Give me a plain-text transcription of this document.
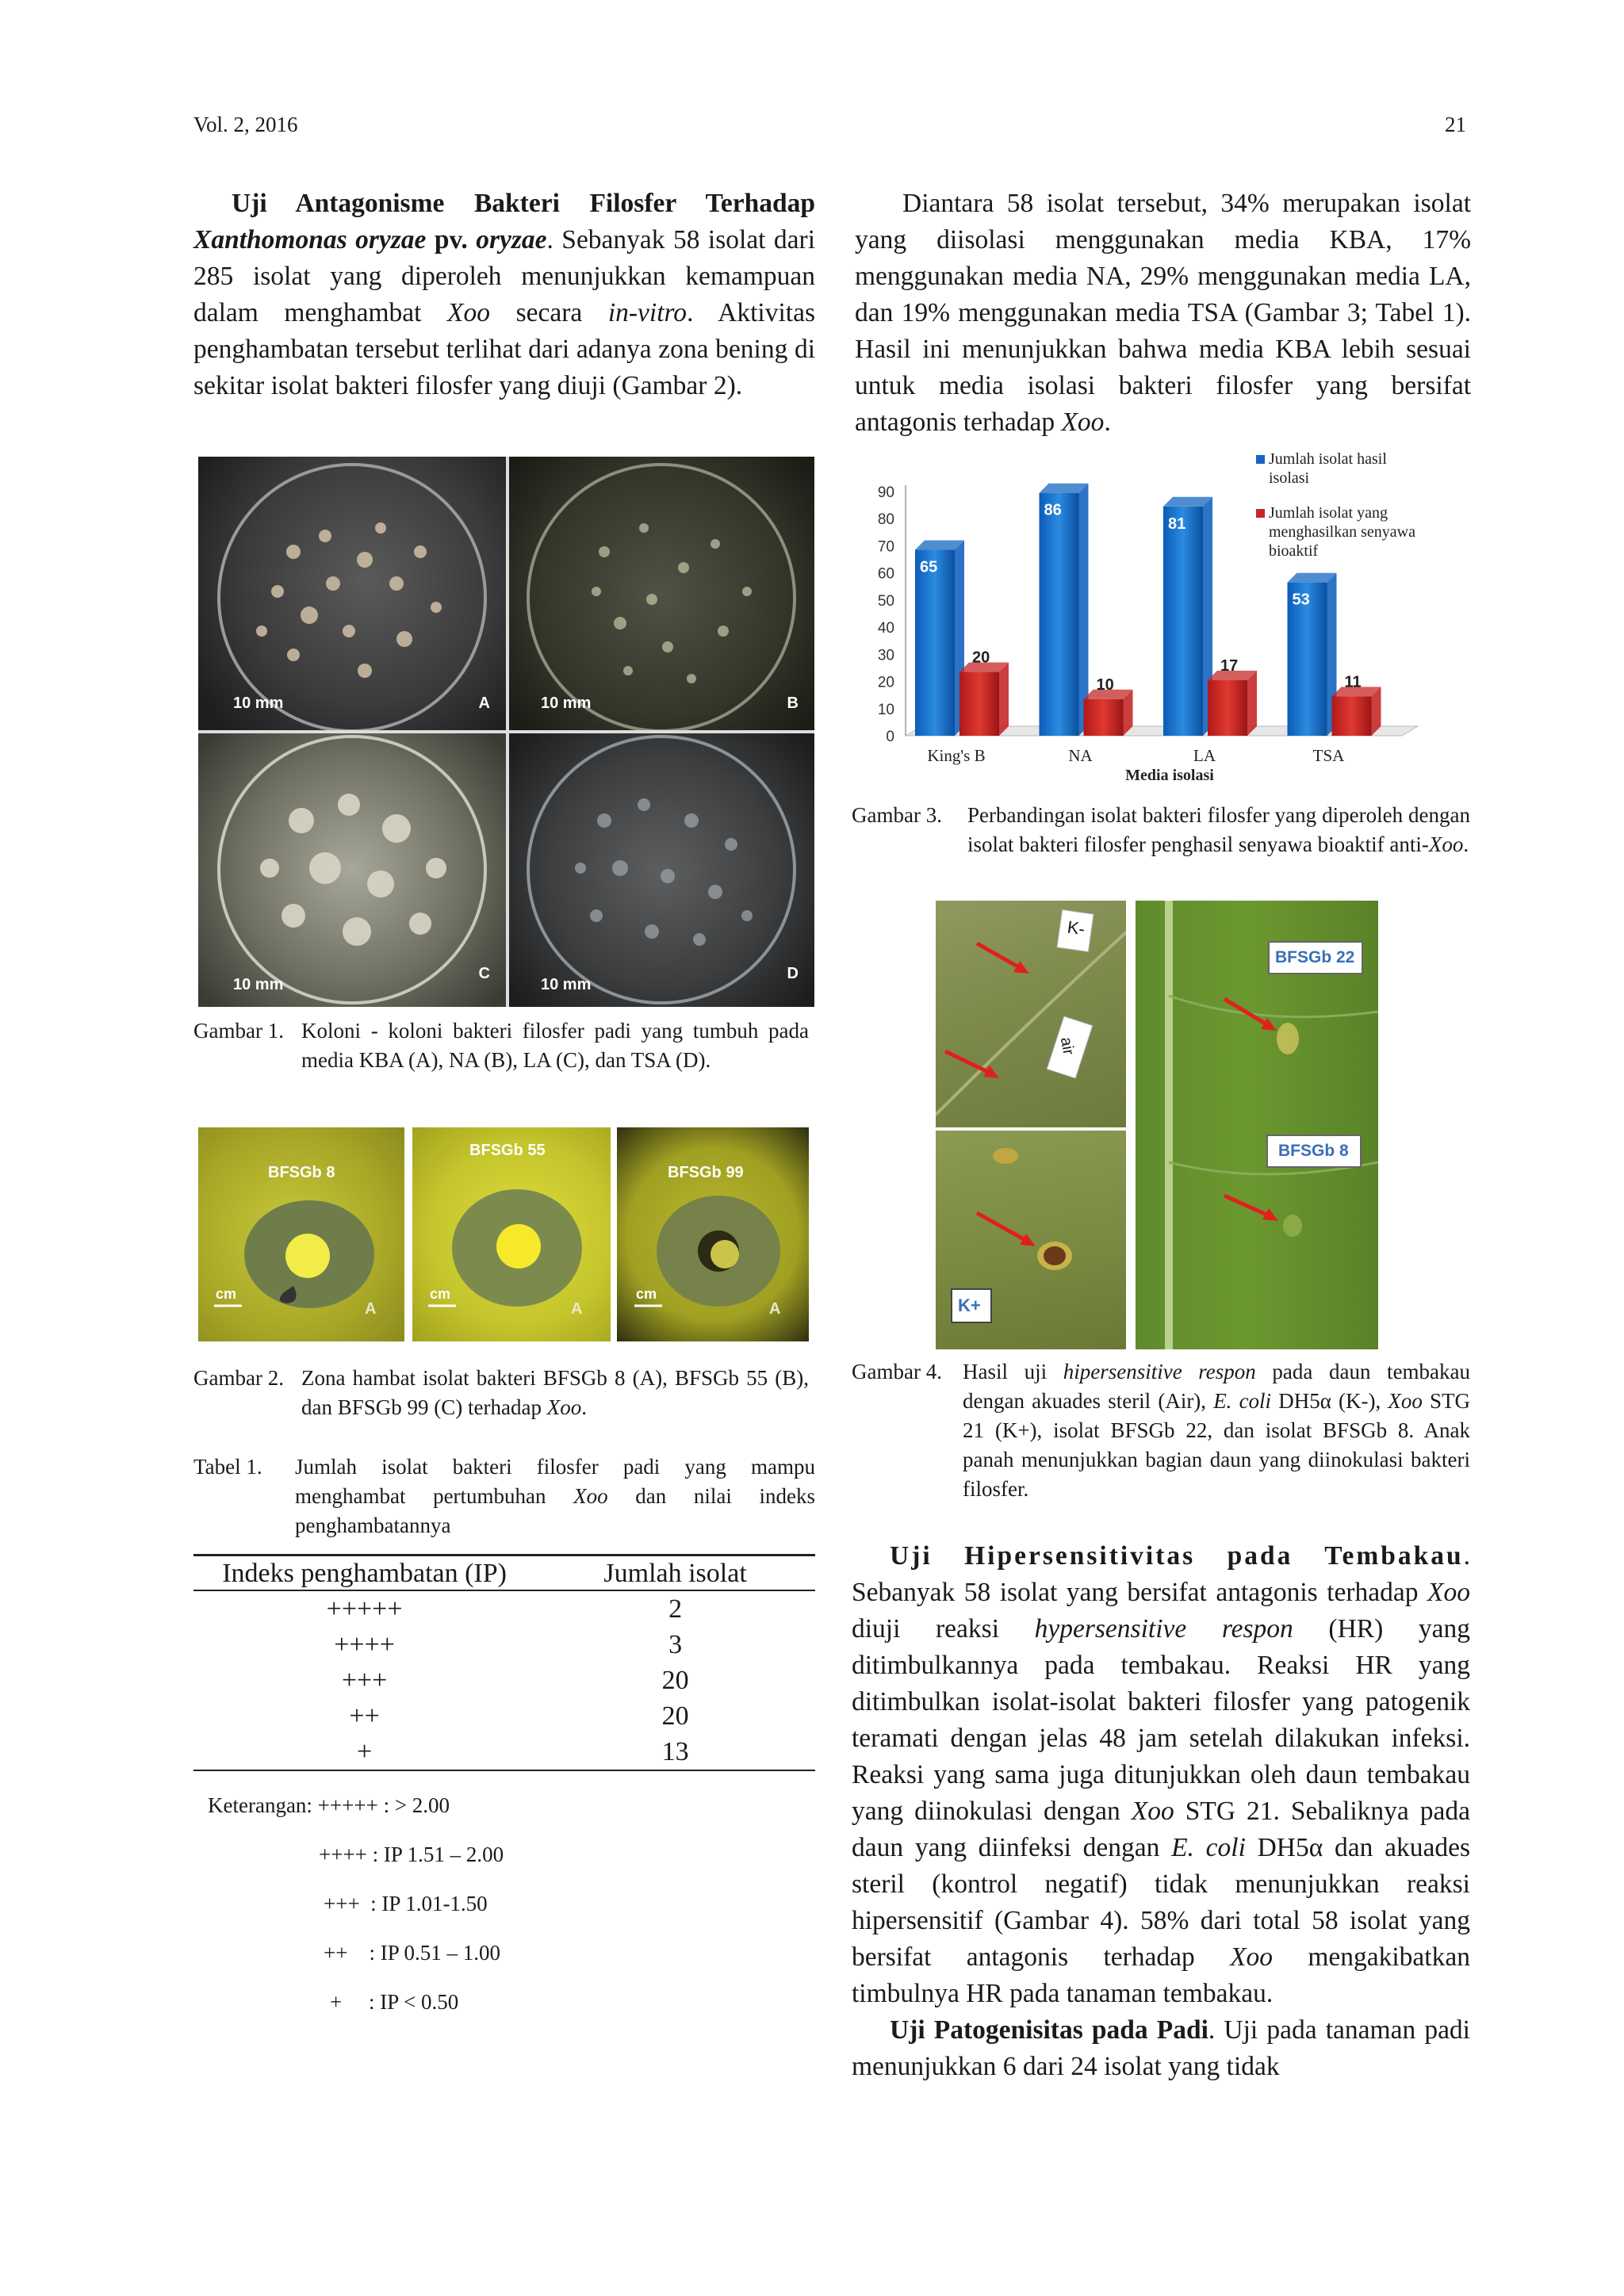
Vol. 2, 2016	21

Uji Antagonisme Bakteri Filosfer Terhadap Xanthomonas oryzae pv. oryzae. Sebanyak 58 isolat dari 285 isolat yang diperoleh menunjukkan kemampuan dalam menghambat Xoo secara in-vitro. Aktivitas penghambatan tersebut terlihat dari adanya zona bening di sekitar isolat bakteri filosfer yang diuji (Gambar 2).

Diantara 58 isolat tersebut, 34% merupakan isolat yang diisolasi menggunakan media KBA, 17% menggunakan media NA, 29% menggunakan media LA, dan 19% menggunakan media TSA (Gambar 3; Tabel 1). Hasil ini menunjukkan bahwa media KBA lebih sesuai untuk media isolasi bakteri filosfer yang bersifat antagonis terhadap Xoo.

10 mm	A	10 mm	B
10 mm
C
10 mm
D
Gambar 1. Koloni - koloni bakteri filosfer padi yang tumbuh pada media KBA (A), NA (B), LA (C), dan TSA (D).
BFSGb 8
cm
A
BFSGb 55
cm
A
BFSGb 99
cm
A
Gambar 2. Zona hambat isolat bakteri BFSGb 8 (A), BFSGb 55 (B), dan BFSGb 99 (C) terhadap Xoo.
Tabel 1. Jumlah isolat bakteri filosfer padi yang mampu menghambat pertumbuhan Xoo dan nilai indeks penghambatannya
Indeks penghambatan (IP)	Jumlah isolat
+++++	2
++++	3
+++	20
++	20
+	13
Keterangan: +++++ : > 2.00
++++ : IP 1.51 – 2.00
+++  : IP 1.01-1.50
++    : IP 0.51 – 1.00
+     : IP < 0.50
0
10
20
30
40
50
60
70
80
90
King's B	NA	LA	TSA
Media isolasi
65
20
86
10
81
17
53
11
Jumlah isolat hasil isolasi
Jumlah isolat yang menghasilkan senyawa bioaktif
Gambar 3. Perbandingan isolat bakteri filosfer yang diperoleh dengan isolat bakteri filosfer penghasil senyawa bioaktif anti-Xoo.
K-
air
K+
BFSGb 22
BFSGb 8
Gambar 4. Hasil uji hipersensitive respon pada daun tembakau dengan akuades steril (Air), E. coli DH5α (K-), Xoo STG 21 (K+), isolat BFSGb 22, dan isolat BFSGb 8. Anak panah menunjukkan bagian daun yang diinokulasi bakteri filosfer.

Uji Hipersensitivitas pada Tembakau. Sebanyak 58 isolat yang bersifat antagonis terhadap Xoo diuji reaksi hypersensitive respon (HR) yang ditimbulkannya pada tembakau. Reaksi HR yang ditimbulkan isolat-isolat bakteri filosfer yang patogenik teramati dengan jelas 48 jam setelah dilakukan infeksi. Reaksi yang sama juga ditunjukkan oleh daun tembakau yang diinokulasi dengan Xoo STG 21. Sebaliknya pada daun yang diinfeksi dengan E. coli DH5α dan akuades steril (kontrol negatif) tidak menunjukkan reaksi hipersensitif (Gambar 4). 58% dari total 58 isolat yang bersifat antagonis terhadap Xoo mengakibatkan timbulnya HR pada tanaman tembakau.

Uji Patogenisitas pada Padi. Uji pada tanaman padi menunjukkan 6 dari 24 isolat yang tidak
